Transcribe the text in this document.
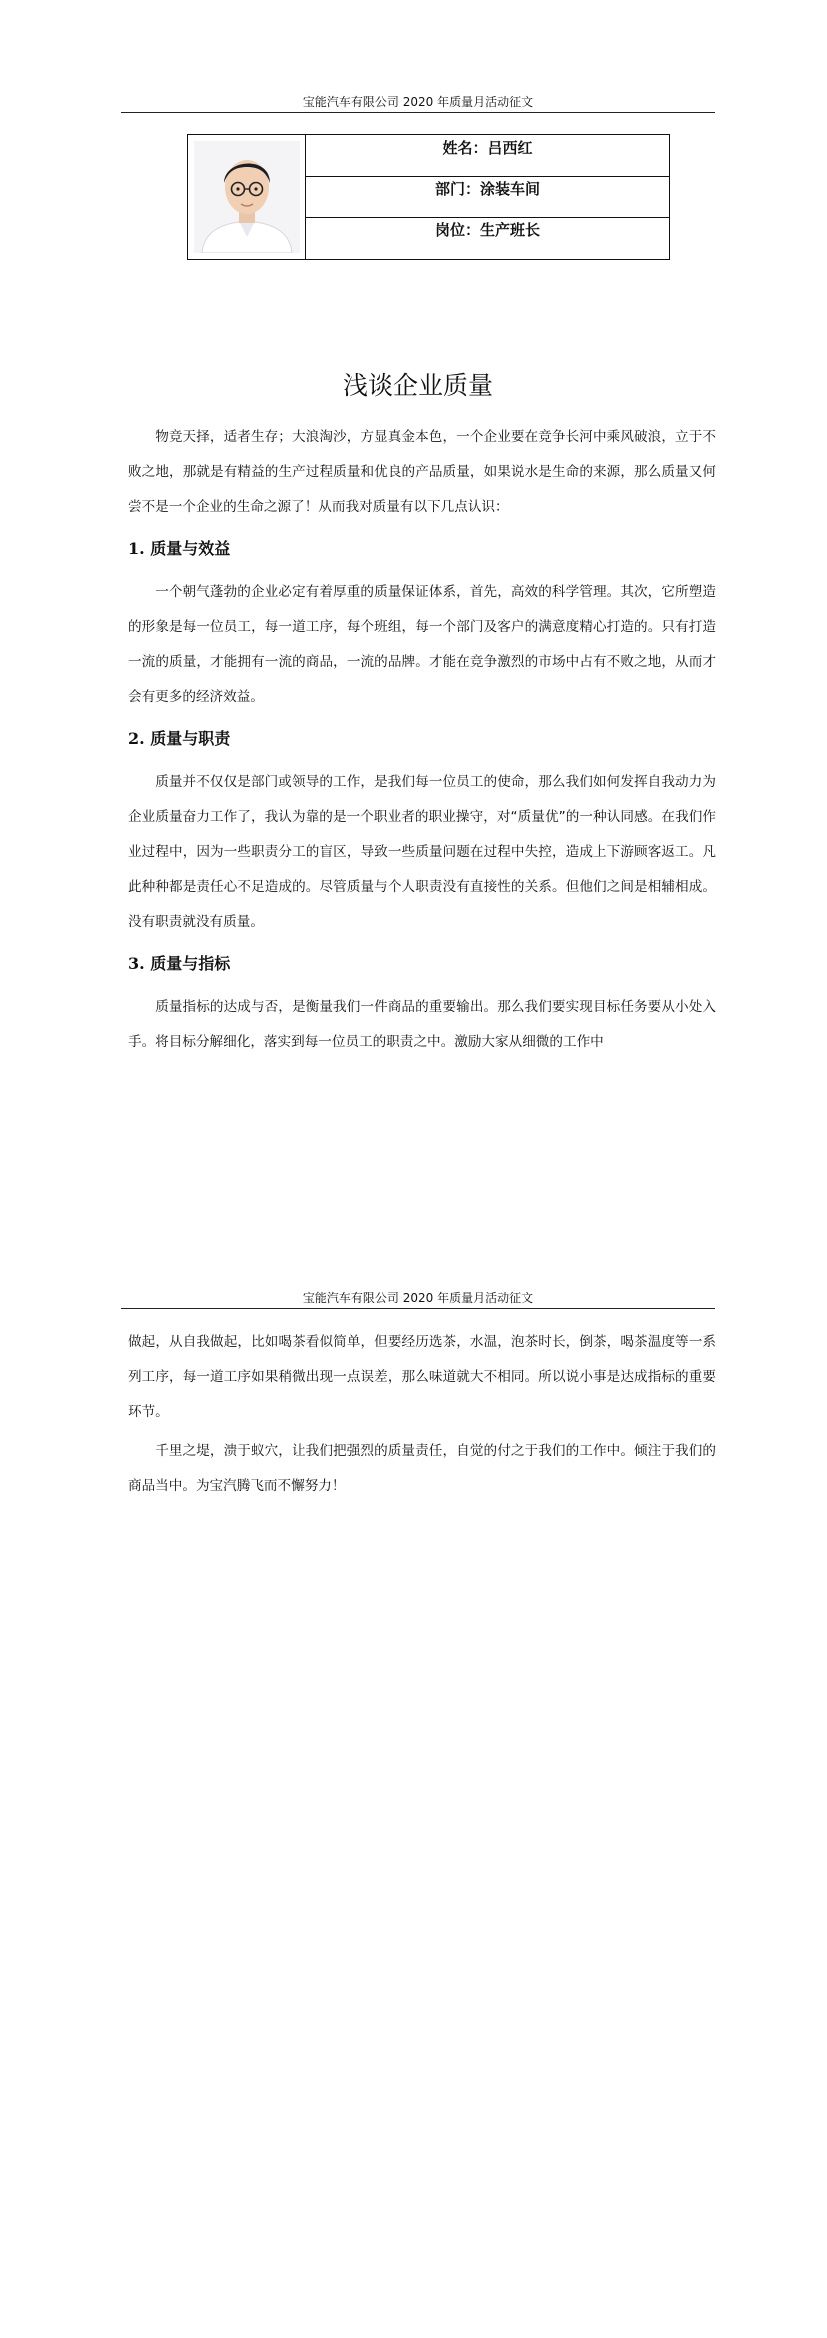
宝能汽车有限公司 2020 年质量月活动征文
姓名：吕西红
部门：涂装车间
岗位：生产班长
浅谈企业质量

物竞天择，适者生存；大浪淘沙，方显真金本色，一个企业要在竞争长河中乘风破浪，立于不败之地，那就是有精益的生产过程质量和优良的产品质量，如果说水是生命的来源，那么质量又何尝不是一个企业的生命之源了！从而我对质量有以下几点认识：

1. 质量与效益

一个朝气蓬勃的企业必定有着厚重的质量保证体系，首先，高效的科学管理。其次，它所塑造的形象是每一位员工，每一道工序，每个班组，每一个部门及客户的满意度精心打造的。只有打造一流的质量，才能拥有一流的商品，一流的品牌。才能在竞争激烈的市场中占有不败之地，从而才会有更多的经济效益。

2. 质量与职责

质量并不仅仅是部门或领导的工作，是我们每一位员工的使命，那么我们如何发挥自我动力为企业质量奋力工作了，我认为靠的是一个职业者的职业操守，对“质量优”的一种认同感。在我们作业过程中，因为一些职责分工的盲区，导致一些质量问题在过程中失控，造成上下游顾客返工。凡此种种都是责任心不足造成的。尽管质量与个人职责没有直接性的关系。但他们之间是相辅相成。没有职责就没有质量。

3. 质量与指标

质量指标的达成与否，是衡量我们一件商品的重要输出。那么我们要实现目标任务要从小处入手。将目标分解细化，落实到每一位员工的职责之中。激励大家从细微的工作中

宝能汽车有限公司 2020 年质量月活动征文

做起，从自我做起，比如喝茶看似简单，但要经历选茶，水温，泡茶时长，倒茶，喝茶温度等一系列工序，每一道工序如果稍微出现一点误差，那么味道就大不相同。所以说小事是达成指标的重要环节。

千里之堤，溃于蚁穴，让我们把强烈的质量责任，自觉的付之于我们的工作中。倾注于我们的商品当中。为宝汽腾飞而不懈努力！
